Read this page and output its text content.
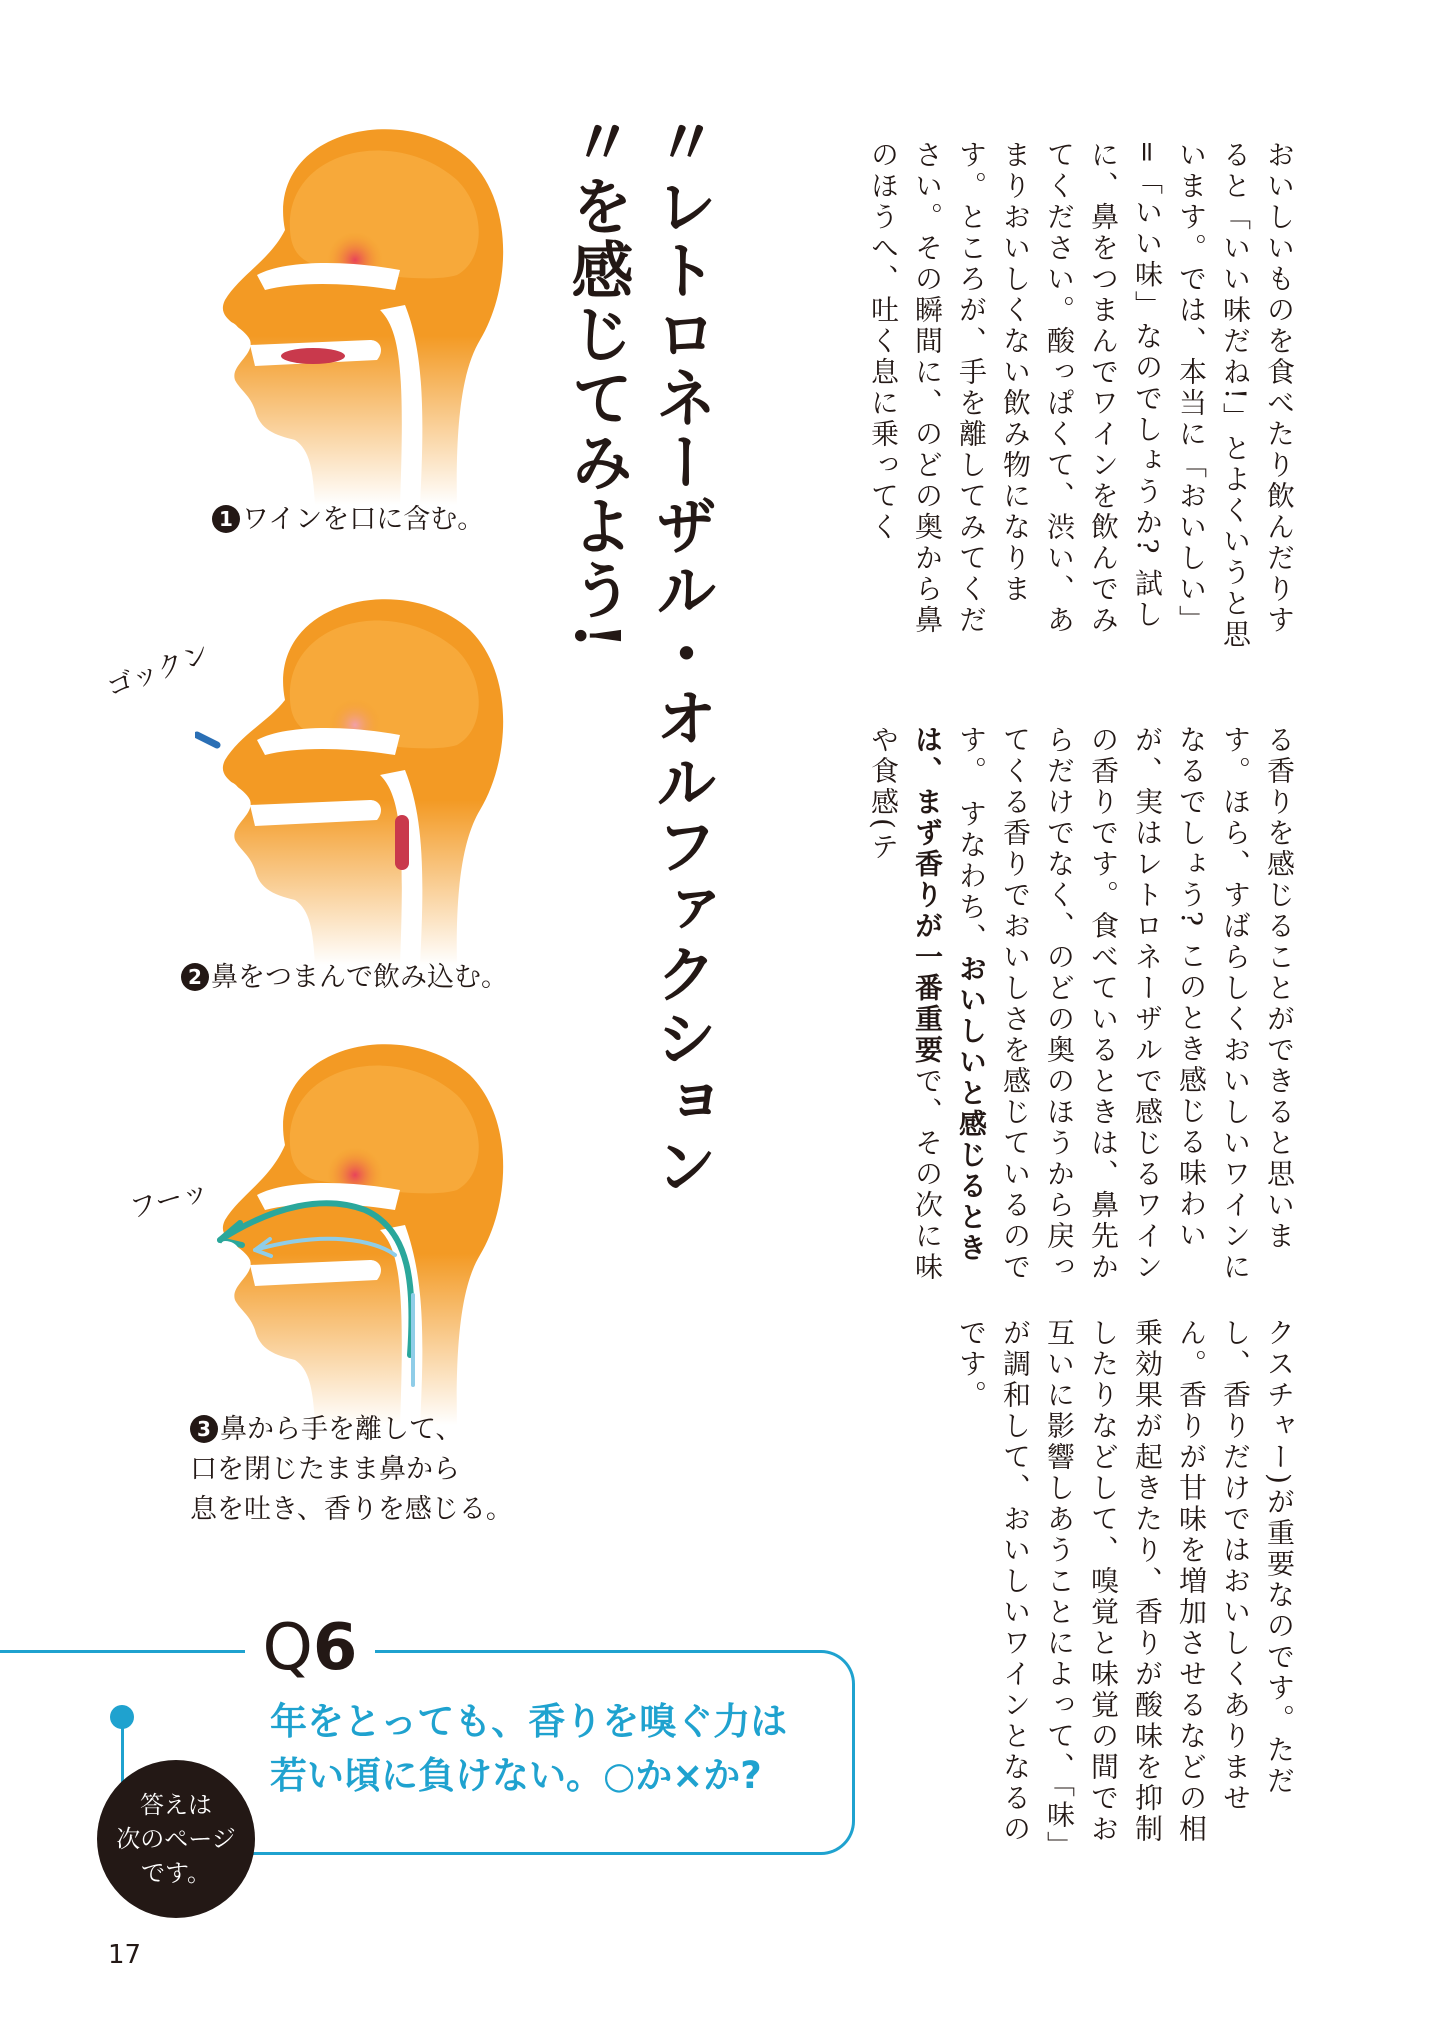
おいしいものを食べたり飲んだりすると「いい味だね!」とよくいうと思います。では、本当に「おいしい」=「いい味」なのでしょうか? 試しに、鼻をつまんでワインを飲んでみてください。酸っぱくて、渋い、あまりおいしくない飲み物になります。ところが、手を離してみてください。その瞬間に、のどの奥から鼻のほうへ、吐く息に乗ってく
る香りを感じることができると思います。ほら、すばらしくおいしいワインになるでしょう? このとき感じる味わいが、実はレトロネーザルで感じるワインの香りです。食べているときは、鼻先からだけでなく、のどの奥のほうから戻ってくる香りでおいしさを感じているのです。 すなわち、おいしいと感じるときは、まず香りが一番重要で、その次に味や食感(テ
クスチャー)が重要なのです。ただし、香りだけではおいしくありません。香りが甘味を増加させるなどの相乗効果が起きたり、香りが酸味を抑制したりなどして、嗅覚と味覚の間でお互いに影響しあうことによって、「味」が調和して、おいしいワインとなるのです。
〃レトロネーザル・オルファクション〃を感じてみよう!
1 ワインを口に含む。
ゴックン
2 鼻をつまんで飲み込む。
フーッ
3 鼻から手を離して、
口を閉じたまま鼻から
息を吐き、香りを感じる。
Q6
年をとっても、香りを嗅ぐ力は
若い頃に負けない。○か×か?
答えは
次のページ
です。
17
